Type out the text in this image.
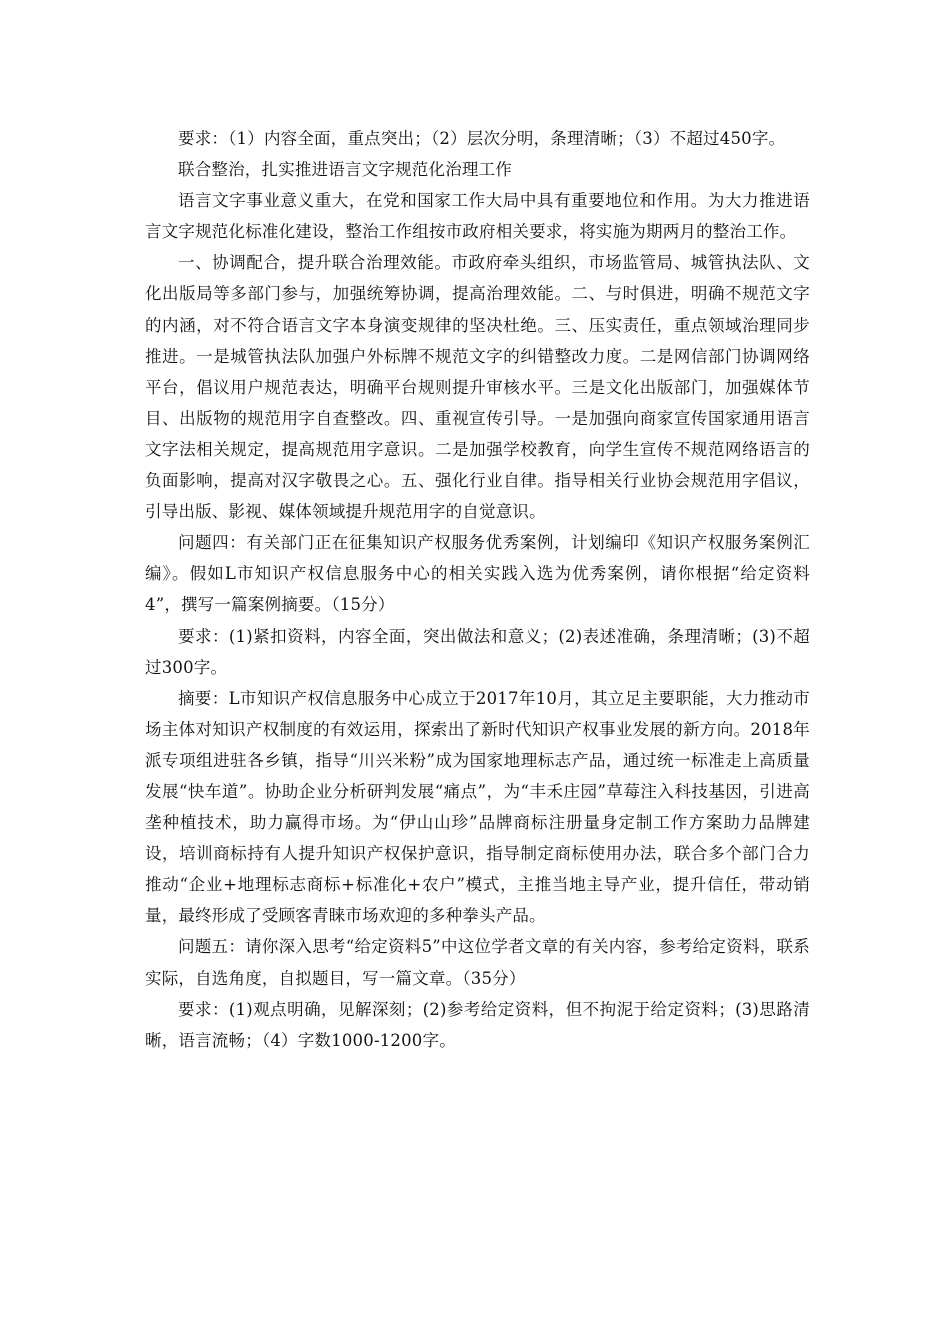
要求：（1）内容全面，重点突出；（2）层次分明，条理清晰；（3）不超过450字。

联合整治，扎实推进语言文字规范化治理工作

语言文字事业意义重大，在党和国家工作大局中具有重要地位和作用。为大力推进语言文字规范化标准化建设，整治工作组按市政府相关要求，将实施为期两月的整治工作。

一、协调配合，提升联合治理效能。市政府牵头组织，市场监管局、城管执法队、文化出版局等多部门参与，加强统筹协调，提高治理效能。二、与时俱进，明确不规范文字的内涵，对不符合语言文字本身演变规律的坚决杜绝。三、压实责任，重点领域治理同步推进。一是城管执法队加强户外标牌不规范文字的纠错整改力度。二是网信部门协调网络平台，倡议用户规范表达，明确平台规则提升审核水平。三是文化出版部门，加强媒体节目、出版物的规范用字自查整改。四、重视宣传引导。一是加强向商家宣传国家通用语言文字法相关规定，提高规范用字意识。二是加强学校教育，向学生宣传不规范网络语言的负面影响，提高对汉字敬畏之心。五、强化行业自律。指导相关行业协会规范用字倡议，引导出版、影视、媒体领域提升规范用字的自觉意识。

问题四：有关部门正在征集知识产权服务优秀案例，计划编印《知识产权服务案例汇编》。假如L市知识产权信息服务中心的相关实践入选为优秀案例，请你根据“给定资料4”，撰写一篇案例摘要。（15分）

要求：(1)紧扣资料，内容全面，突出做法和意义；(2)表述准确，条理清晰；(3)不超过300字。

摘要：L市知识产权信息服务中心成立于2017年10月，其立足主要职能，大力推动市场主体对知识产权制度的有效运用，探索出了新时代知识产权事业发展的新方向。2018年派专项组进驻各乡镇，指导“川兴米粉”成为国家地理标志产品，通过统一标准走上高质量发展“快车道”。协助企业分析研判发展“痛点”，为“丰禾庄园”草莓注入科技基因，引进高垄种植技术，助力赢得市场。为“伊山山珍”品牌商标注册量身定制工作方案助力品牌建设，培训商标持有人提升知识产权保护意识，指导制定商标使用办法，联合多个部门合力推动“企业+地理标志商标+标准化+农户”模式，主推当地主导产业，提升信任，带动销量，最终形成了受顾客青睐市场欢迎的多种拳头产品。

问题五：请你深入思考“给定资料5”中这位学者文章的有关内容，参考给定资料，联系实际，自选角度，自拟题目，写一篇文章。（35分）

要求：(1)观点明确，见解深刻；(2)参考给定资料，但不拘泥于给定资料；(3)思路清晰，语言流畅；（4）字数1000-1200字。
